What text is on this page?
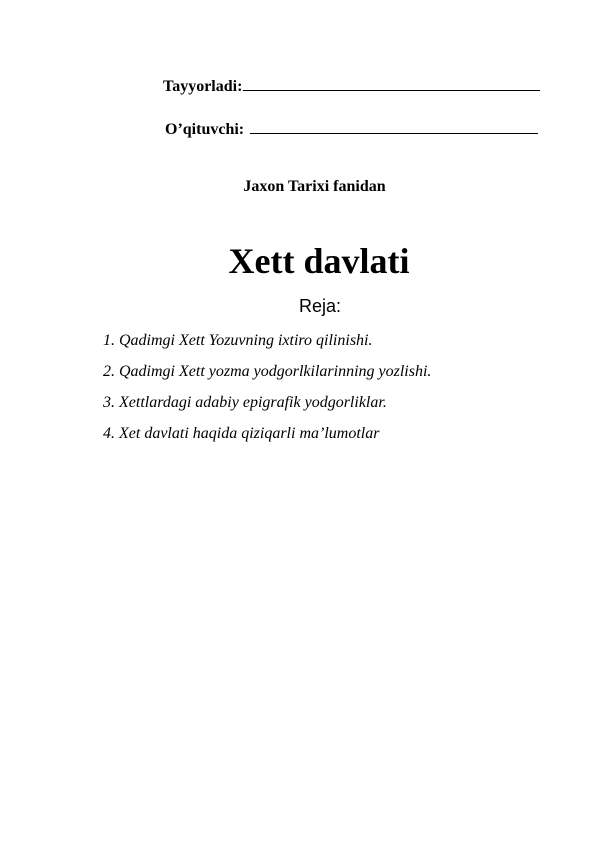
Tayyorladi:
O’qituvchi:
Jaxon Tarixi fanidan
Xett davlati
Reja:
1. Qadimgi Xett Yozuvning ixtiro qilinishi.
2. Qadimgi Xett yozma yodgorlkilarinning yozlishi.
3. Xettlardagi adabiy epigrafik yodgorliklar.
4. Xet davlati haqida qiziqarli ma’lumotlar
